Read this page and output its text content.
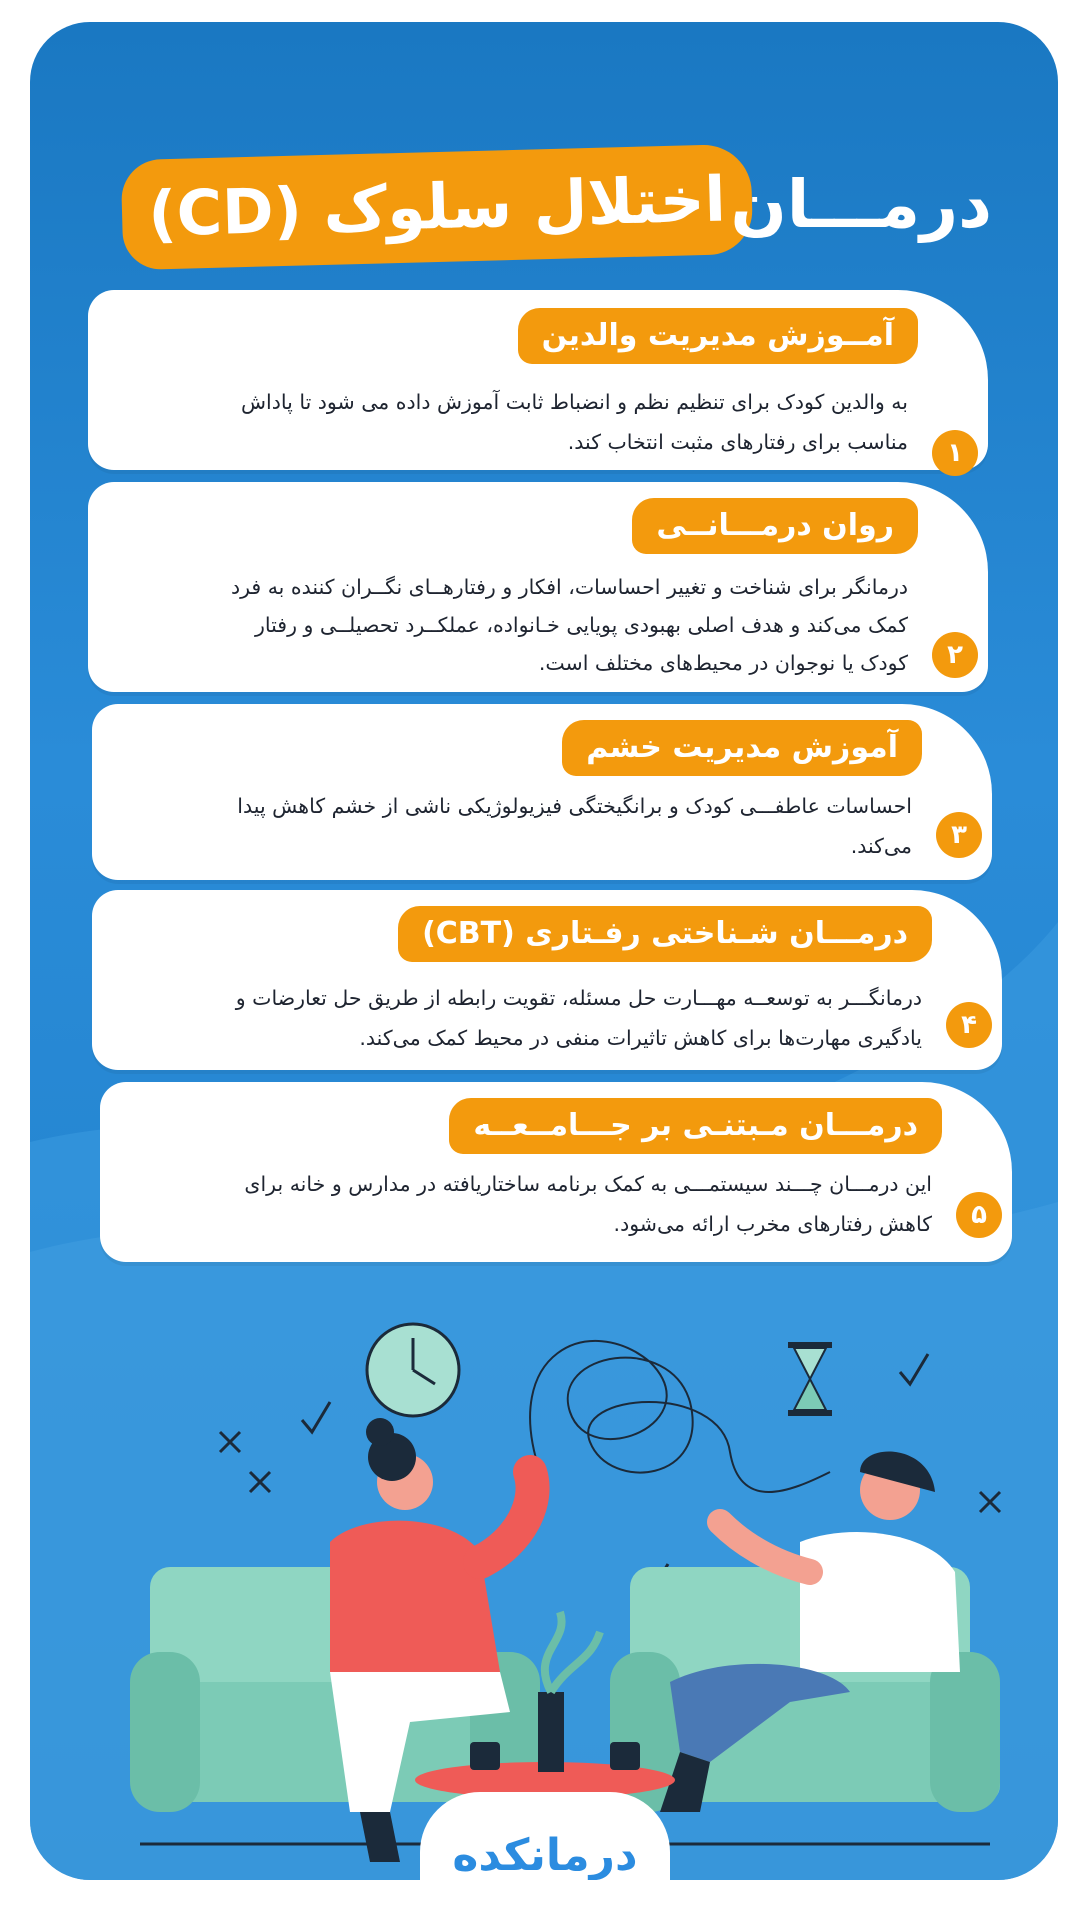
اختلال سلوک (CD) درمـــان
آمــوزش مدیریت والدین
به والدین کودک برای تنظیم نظم و انضباط ثابت آموزش داده می شود تا پاداش
مناسب برای رفتارهای مثبت انتخاب کند.	۱
روان درمـــانــی
درمانگر برای شناخت و تغییر احساسات، افکار و رفتارهــای نگــران کننده به فرد
کمک می‌کند و هدف اصلی بهبودی پویایی خـانواده، عملکــرد تحصیلــی و رفتار
کودک یا نوجوان در محیط‌های مختلف است.	۲
آموزش مدیریت خشم
احساسات عاطفـــی کودک و برانگیختگی فیزیولوژیکی ناشی از خشم کاهش پیدا
می‌کند.	۳
درمـــان شـناختی رفـتاری (CBT)
درمانگـــر به توسعــه مهـــارت حل مسئله، تقویت رابطه از طریق حل تعارضات و
یادگیری مهارت‌ها برای کاهش تاثیرات منفی در محیط کمک می‌کند.	۴
درمـــان مـبتنـی بر جـــامــعــه
این درمـــان چـــند سیستمـــی به کمک برنامه ساختاریافته در مدارس و خانه برای
کاهش رفتارهای مخرب ارائه می‌شود.	۵
درمانکده
